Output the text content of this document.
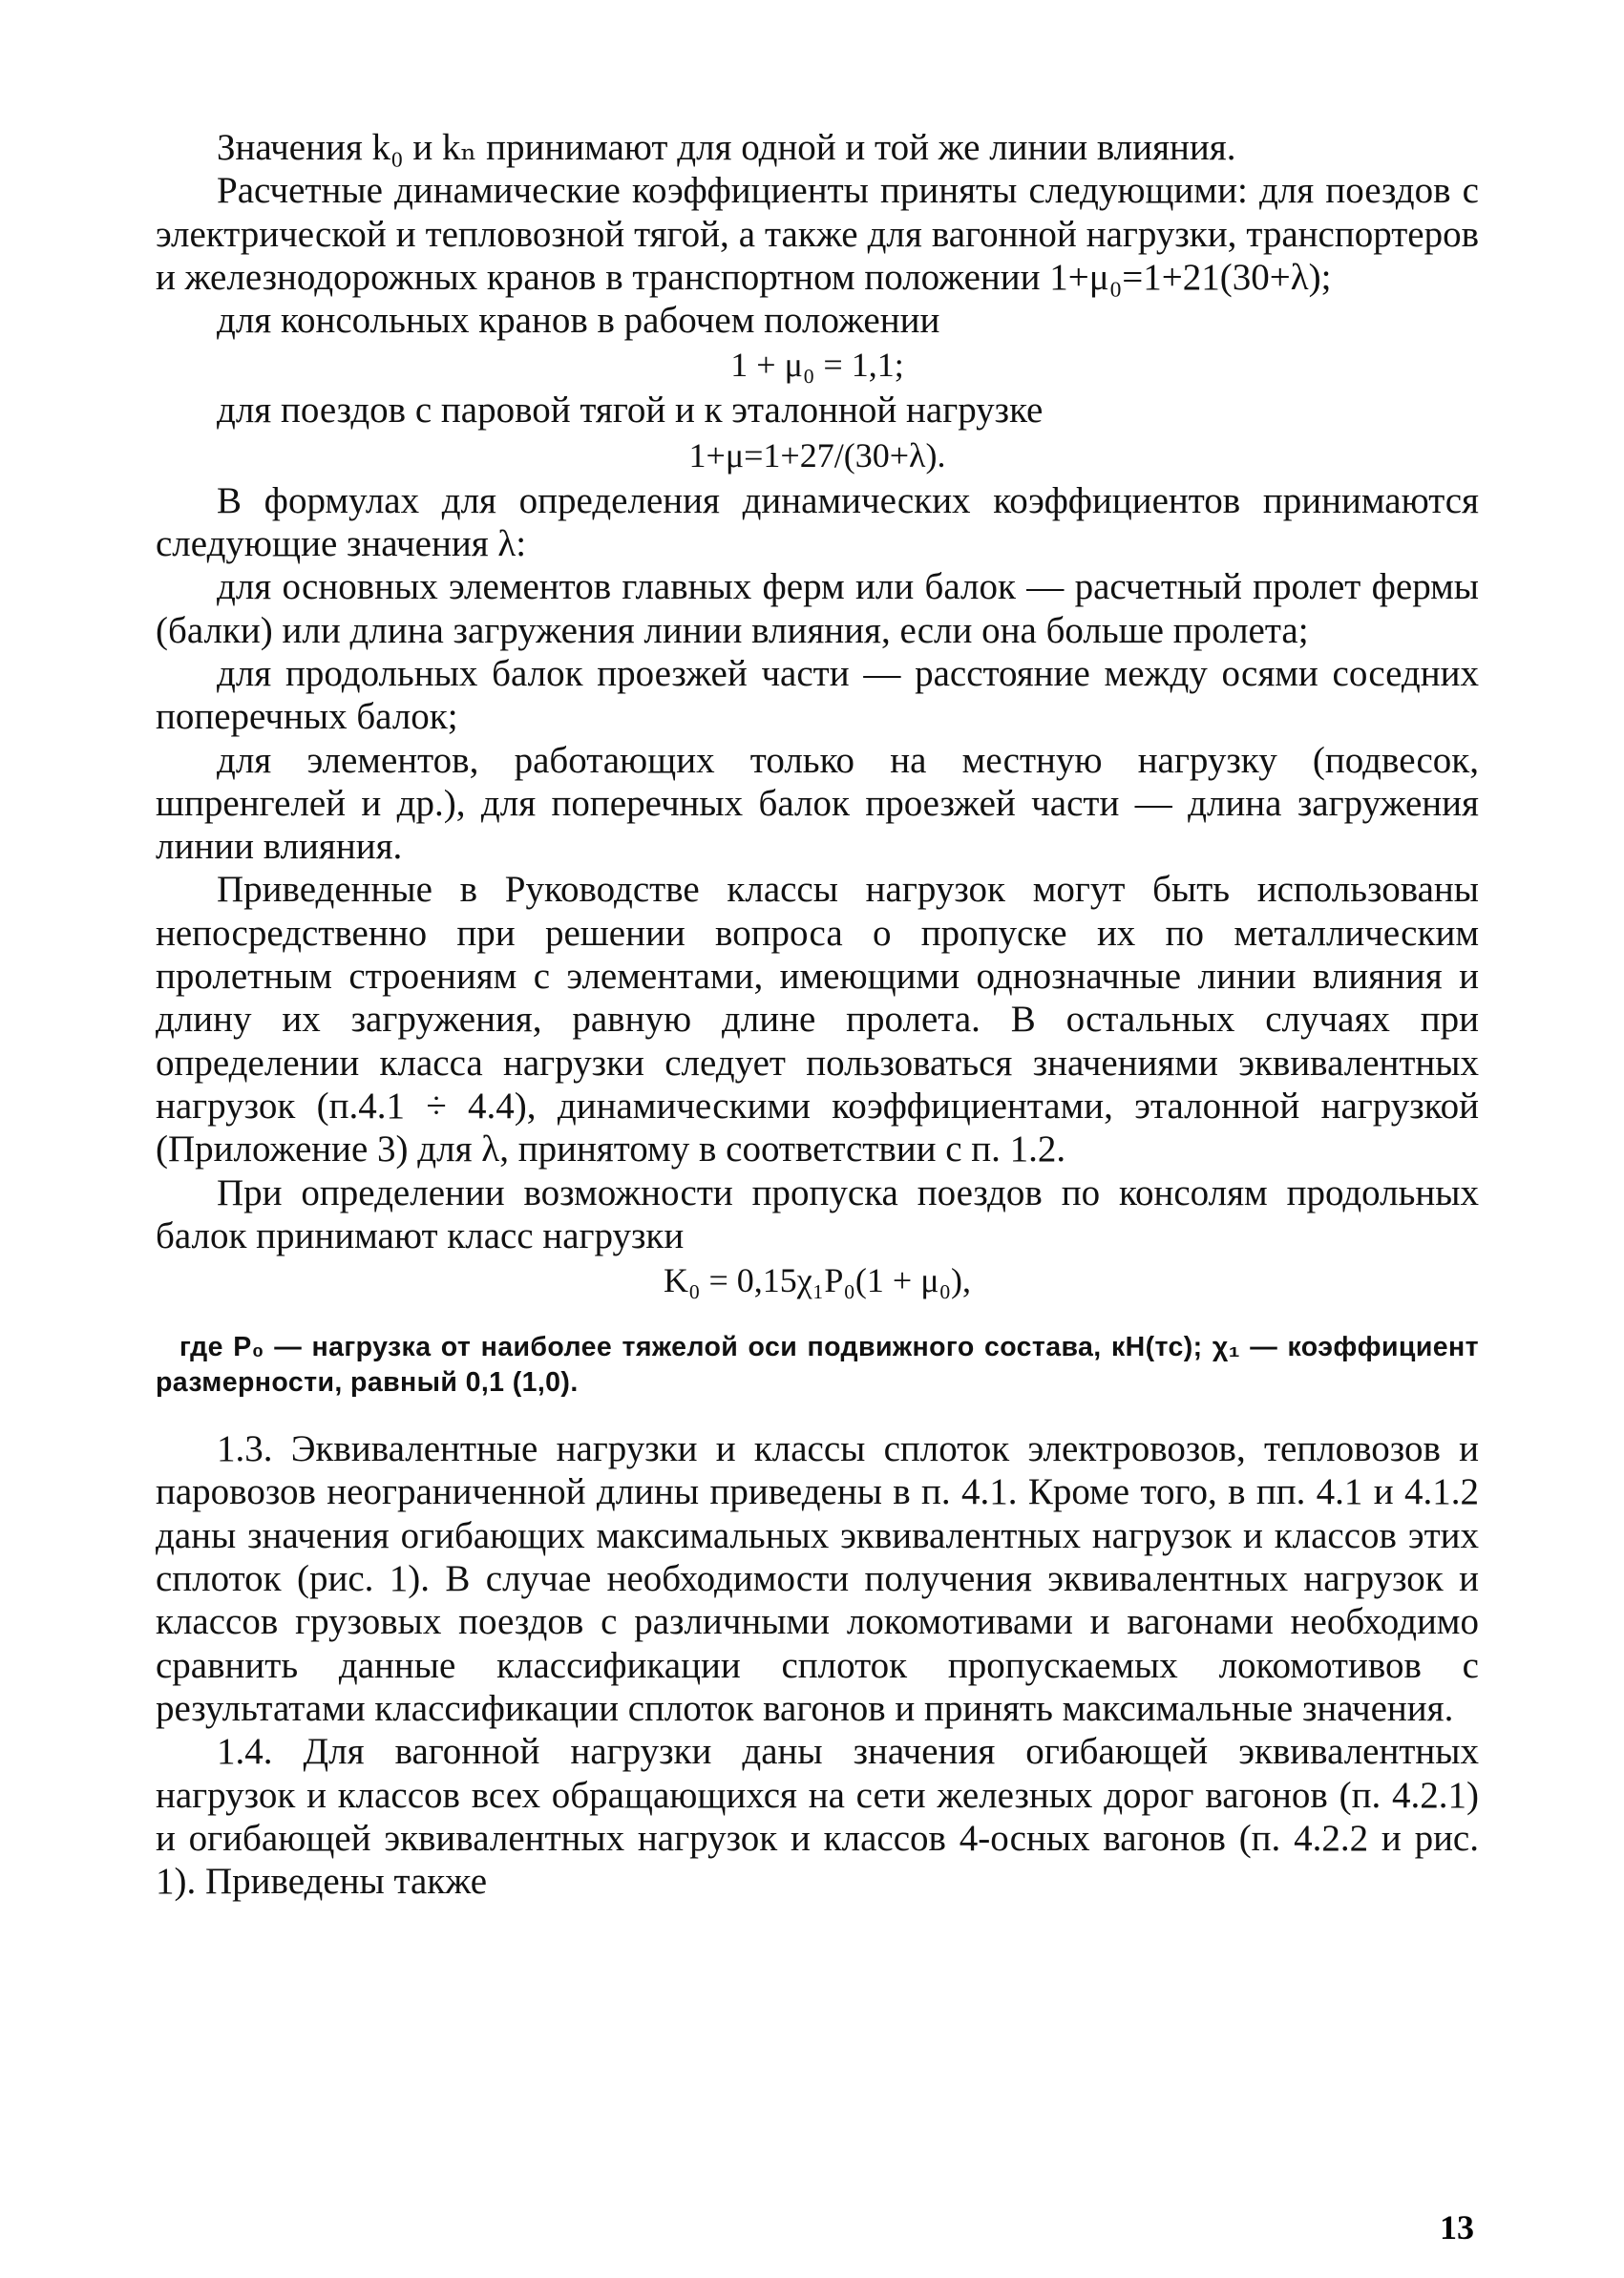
Значения k₀ и kₙ принимают для одной и той же линии влияния.

Расчетные динамические коэффициенты приняты следующими: для поездов с электрической и тепловозной тягой, а также для вагонной нагрузки, транспортеров и железнодорожных кранов в транспортном положении 1+μ₀=1+21(30+λ);

для консольных кранов в рабочем положении

1 + μ₀ = 1,1;

для поездов с паровой тягой и к эталонной нагрузке

1+μ=1+27/(30+λ).

В формулах для определения динамических коэффициентов принимаются следующие значения λ:

для основных элементов главных ферм или балок — расчетный пролет фермы (балки) или длина загружения линии влияния, если она больше пролета;

для продольных балок проезжей части — расстояние между осями соседних поперечных балок;

для элементов, работающих только на местную нагрузку (подвесок, шпренгелей и др.), для поперечных балок проезжей части — длина загружения линии влияния.

Приведенные в Руководстве классы нагрузок могут быть использованы непосредственно при решении вопроса о пропуске их по металлическим пролетным строениям с элементами, имеющими однозначные линии влияния и длину их загружения, равную длине пролета. В остальных случаях при определении класса нагрузки следует пользоваться значениями эквивалентных нагрузок (п.4.1 ÷ 4.4), динамическими коэффициентами, эталонной нагрузкой (Приложение 3) для λ, принятому в соответствии с п. 1.2.

При определении возможности пропуска поездов по консолям продольных балок принимают класс нагрузки

K₀ = 0,15χ₁P₀(1 + μ₀),

где P₀ — нагрузка от наиболее тяжелой оси подвижного состава, кН(тс); χ₁ — коэффициент размерности, равный 0,1 (1,0).

1.3. Эквивалентные нагрузки и классы сплоток электровозов, тепловозов и паровозов неограниченной длины приведены в п. 4.1. Кроме того, в пп. 4.1 и 4.1.2 даны значения огибающих максимальных эквивалентных нагрузок и классов этих сплоток (рис. 1). В случае необходимости получения эквивалентных нагрузок и классов грузовых поездов с различными локомотивами и вагонами необходимо сравнить данные классификации сплоток пропускаемых локомотивов с результатами классификации сплоток вагонов и принять максимальные значения.

1.4. Для вагонной нагрузки даны значения огибающей эквивалентных нагрузок и классов всех обращающихся на сети железных дорог вагонов (п. 4.2.1) и огибающей эквивалентных нагрузок и классов 4-осных вагонов (п. 4.2.2 и рис. 1). Приведены также

13
